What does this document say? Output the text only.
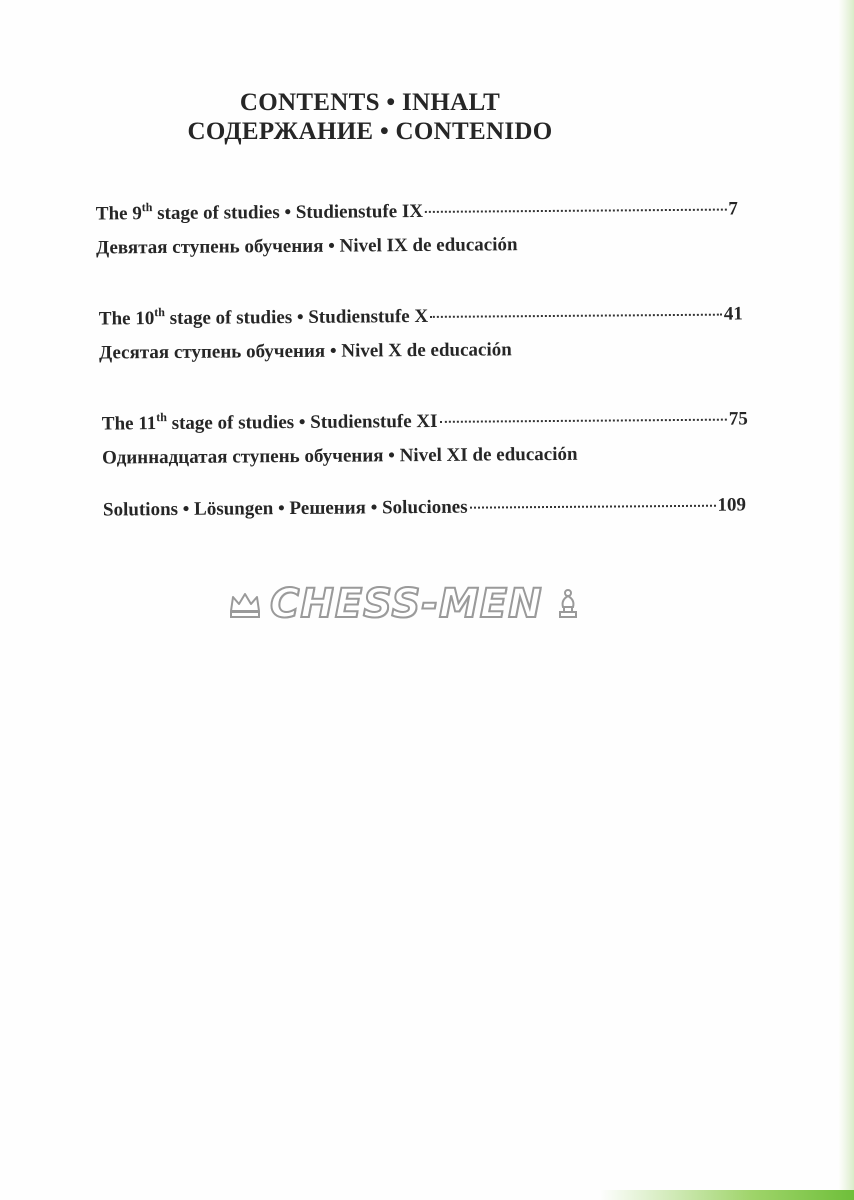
CONTENTS • INHALT
СОДЕРЖАНИЕ • CONTENIDO
The 9th stage of studies • Studienstufe IX	7
Девятая ступень обучения • Nivel IX de educación
The 10th stage of studies • Studienstufe X	41
Десятая ступень обучения • Nivel X de educación
The 11th stage of studies • Studienstufe XI	75
Одиннадцатая ступень обучения • Nivel XI de educación
Solutions • Lösungen • Решения • Soluciones	109
CHESS-MEN
